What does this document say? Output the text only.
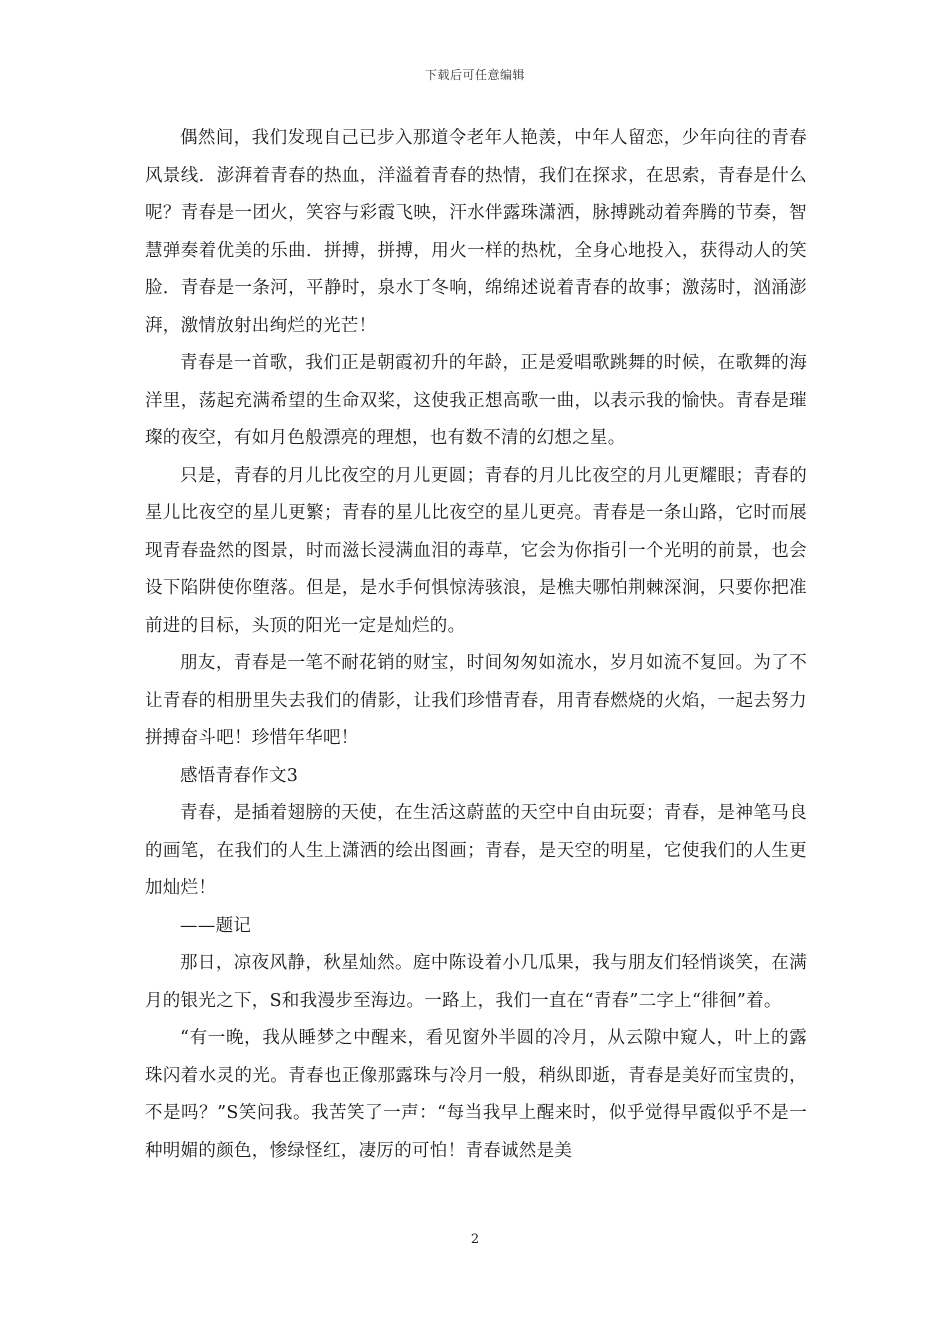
下载后可任意编辑

偶然间，我们发现自己已步入那道令老年人艳羡，中年人留恋，少年向往的青春风景线．澎湃着青春的热血，洋溢着青春的热情，我们在探求，在思索，青春是什么呢？青春是一团火，笑容与彩霞飞映，汗水伴露珠潇洒，脉搏跳动着奔腾的节奏，智慧弹奏着优美的乐曲．拼搏，拼搏，用火一样的热枕，全身心地投入，获得动人的笑脸．青春是一条河，平静时，泉水丁冬响，绵绵述说着青春的故事；激荡时，汹涌澎湃，激情放射出绚烂的光芒！

青春是一首歌，我们正是朝霞初升的年龄，正是爱唱歌跳舞的时候，在歌舞的海洋里，荡起充满希望的生命双桨，这使我正想高歌一曲，以表示我的愉快。青春是璀璨的夜空，有如月色般漂亮的理想，也有数不清的幻想之星。

只是，青春的月儿比夜空的月儿更圆；青春的月儿比夜空的月儿更耀眼；青春的星儿比夜空的星儿更繁；青春的星儿比夜空的星儿更亮。青春是一条山路，它时而展现青春盎然的图景，时而滋长浸满血泪的毒草，它会为你指引一个光明的前景，也会设下陷阱使你堕落。但是，是水手何惧惊涛骇浪，是樵夫哪怕荆棘深涧，只要你把准前进的目标，头顶的阳光一定是灿烂的。

朋友，青春是一笔不耐花销的财宝，时间匆匆如流水，岁月如流不复回。为了不让青春的相册里失去我们的倩影，让我们珍惜青春，用青春燃烧的火焰，一起去努力拼搏奋斗吧！珍惜年华吧！

感悟青春作文3

青春，是插着翅膀的天使，在生活这蔚蓝的天空中自由玩耍；青春，是神笔马良的画笔，在我们的人生上潇洒的绘出图画；青春，是天空的明星，它使我们的人生更加灿烂！

——题记

那日，凉夜风静，秋星灿然。庭中陈设着小几瓜果，我与朋友们轻悄谈笑，在满月的银光之下，S和我漫步至海边。一路上，我们一直在“青春”二字上“徘徊”着。

“有一晚，我从睡梦之中醒来，看见窗外半圆的冷月，从云隙中窥人，叶上的露珠闪着水灵的光。青春也正像那露珠与冷月一般，稍纵即逝，青春是美好而宝贵的，不是吗？”S笑问我。我苦笑了一声：“每当我早上醒来时，似乎觉得早霞似乎不是一种明媚的颜色，惨绿怪红，凄厉的可怕！青春诚然是美

2
